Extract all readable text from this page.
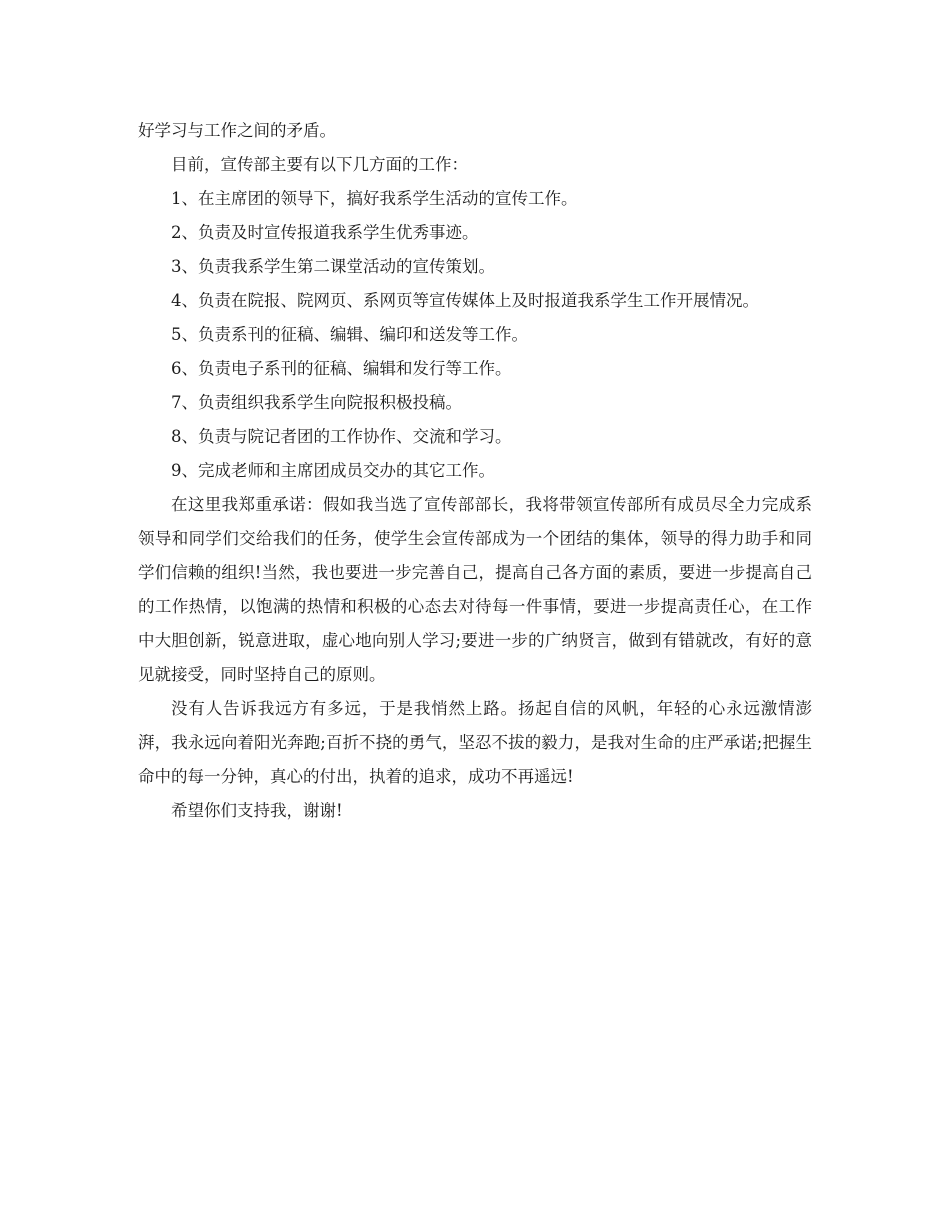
好学习与工作之间的矛盾。

目前，宣传部主要有以下几方面的工作：

1、在主席团的领导下，搞好我系学生活动的宣传工作。

2、负责及时宣传报道我系学生优秀事迹。

3、负责我系学生第二课堂活动的宣传策划。

4、负责在院报、院网页、系网页等宣传媒体上及时报道我系学生工作开展情况。

5、负责系刊的征稿、编辑、编印和送发等工作。

6、负责电子系刊的征稿、编辑和发行等工作。

7、负责组织我系学生向院报积极投稿。

8、负责与院记者团的工作协作、交流和学习。

9、完成老师和主席团成员交办的其它工作。

在这里我郑重承诺：假如我当选了宣传部部长，我将带领宣传部所有成员尽全力完成系领导和同学们交给我们的任务，使学生会宣传部成为一个团结的集体，领导的得力助手和同学们信赖的组织!当然，我也要进一步完善自己，提高自己各方面的素质，要进一步提高自己的工作热情，以饱满的热情和积极的心态去对待每一件事情，要进一步提高责任心，在工作中大胆创新，锐意进取，虚心地向别人学习;要进一步的广纳贤言，做到有错就改，有好的意见就接受，同时坚持自己的原则。

没有人告诉我远方有多远，于是我悄然上路。扬起自信的风帆，年轻的心永远激情澎湃，我永远向着阳光奔跑;百折不挠的勇气，坚忍不拔的毅力，是我对生命的庄严承诺;把握生命中的每一分钟，真心的付出，执着的追求，成功不再遥远!

希望你们支持我，谢谢!
